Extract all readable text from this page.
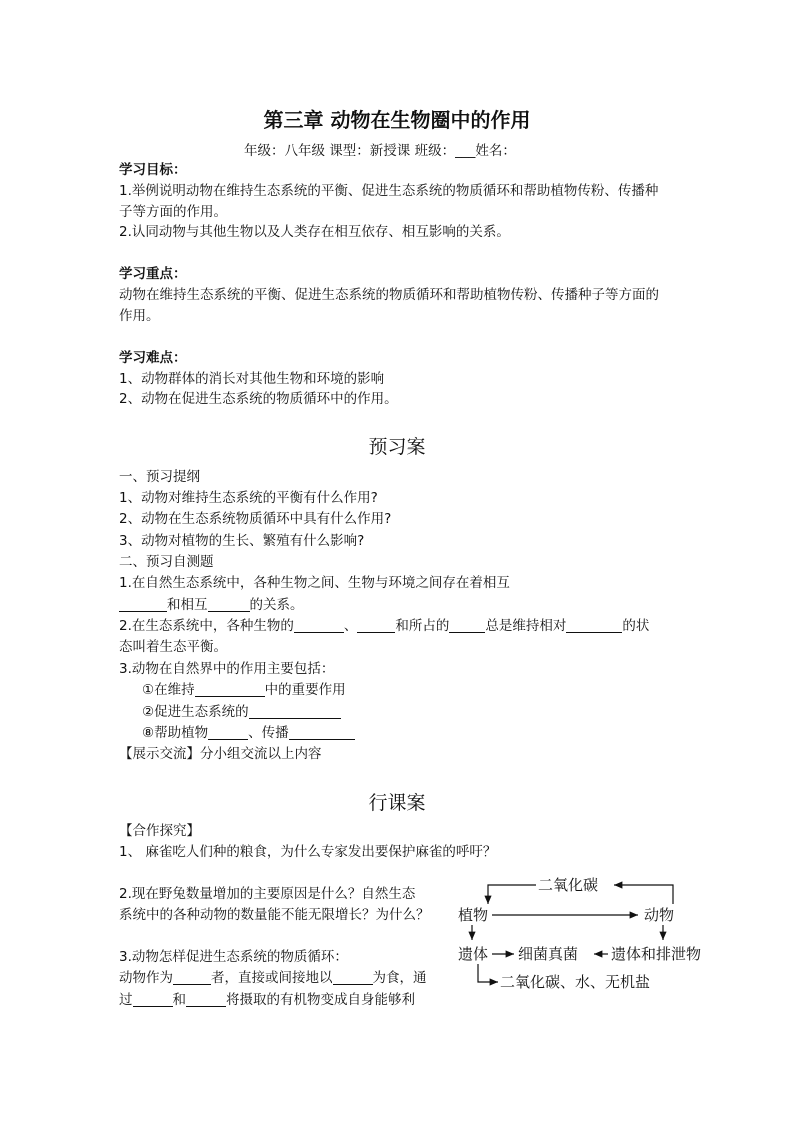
第三章 动物在生物圈中的作用
年级：八年级 课型：新授课 班级：___姓名：
学习目标：
1.举例说明动物在维持生态系统的平衡、促进生态系统的物质循环和帮助植物传粉、传播种
子等方面的作用。
2.认同动物与其他生物以及人类存在相互依存、相互影响的关系。
学习重点：
动物在维持生态系统的平衡、促进生态系统的物质循环和帮助植物传粉、传播种子等方面的
作用。
学习难点：
1、动物群体的消长对其他生物和环境的影响
2、动物在促进生态系统的物质循环中的作用。
预习案
一、预习提纲
1、动物对维持生态系统的平衡有什么作用?
2、动物在生态系统物质循环中具有什么作用?
3、动物对植物的生长、繁殖有什么影响?
二、预习自测题
1.在自然生态系统中，各种生物之间、生物与环境之间存在着相互
和相互	的关系。
2.在生态系统中，各种生物的	、	和所占的	总是维持相对	的状
态叫着生态平衡。
3.动物在自然界中的作用主要包括：
①在维持	中的重要作用
②促进生态系统的
⑧帮助植物	、传播
【展示交流】分小组交流以上内容
行课案
【合作探究】
1、 麻雀吃人们种的粮食，为什么专家发出要保护麻雀的呼吁？
2.现在野兔数量增加的主要原因是什么？自然生态
系统中的各种动物的数量能不能无限增长？为什么？
3.动物怎样促进生态系统的物质循环：
动物作为	者，直接或间接地以	为食，通
过	和	将摄取的有机物变成自身能够利
二氧化碳
植物	动物
遗体 细菌真菌 遗体和排泄物
二氧化碳、水、无机盐
